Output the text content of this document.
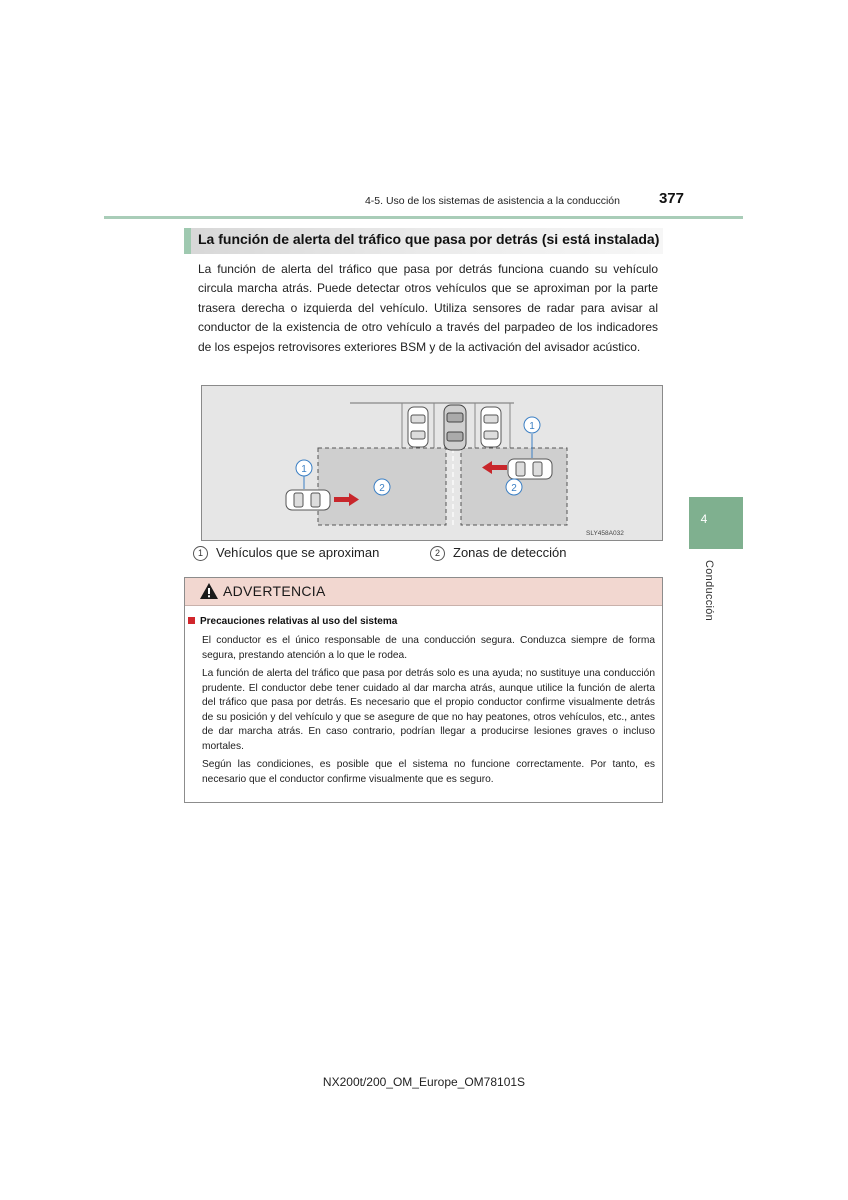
4-5. Uso de los sistemas de asistencia a la conducción	377
4
Conducción
La función de alerta del tráfico que pasa por detrás (si está instalada)
La función de alerta del tráfico que pasa por detrás funciona cuando su vehículo circula marcha atrás. Puede detectar otros vehículos que se aproximan por la parte trasera derecha o izquierda del vehículo. Utiliza sensores de radar para avisar al conductor de la existencia de otro vehículo a través del parpadeo de los indicadores de los espejos retrovisores exteriores BSM y de la activación del avisador acústico.
1
1
2	2
SLY458A032
1 Vehículos que se aproximan	2 Zonas de detección
ADVERTENCIA
Precauciones relativas al uso del sistema
El conductor es el único responsable de una conducción segura. Conduzca siempre de forma segura, prestando atención a lo que le rodea.
La función de alerta del tráfico que pasa por detrás solo es una ayuda; no sustituye una conducción prudente. El conductor debe tener cuidado al dar marcha atrás, aunque utilice la función de alerta del tráfico que pasa por detrás. Es necesario que el propio conductor confirme visualmente detrás de su posición y del vehículo y que se asegure de que no hay peatones, otros vehículos, etc., antes de dar marcha atrás. En caso contrario, podrían llegar a producirse lesiones graves o incluso mortales.
Según las condiciones, es posible que el sistema no funcione correctamente. Por tanto, es necesario que el conductor confirme visualmente que es seguro.
NX200t/200_OM_Europe_OM78101S
